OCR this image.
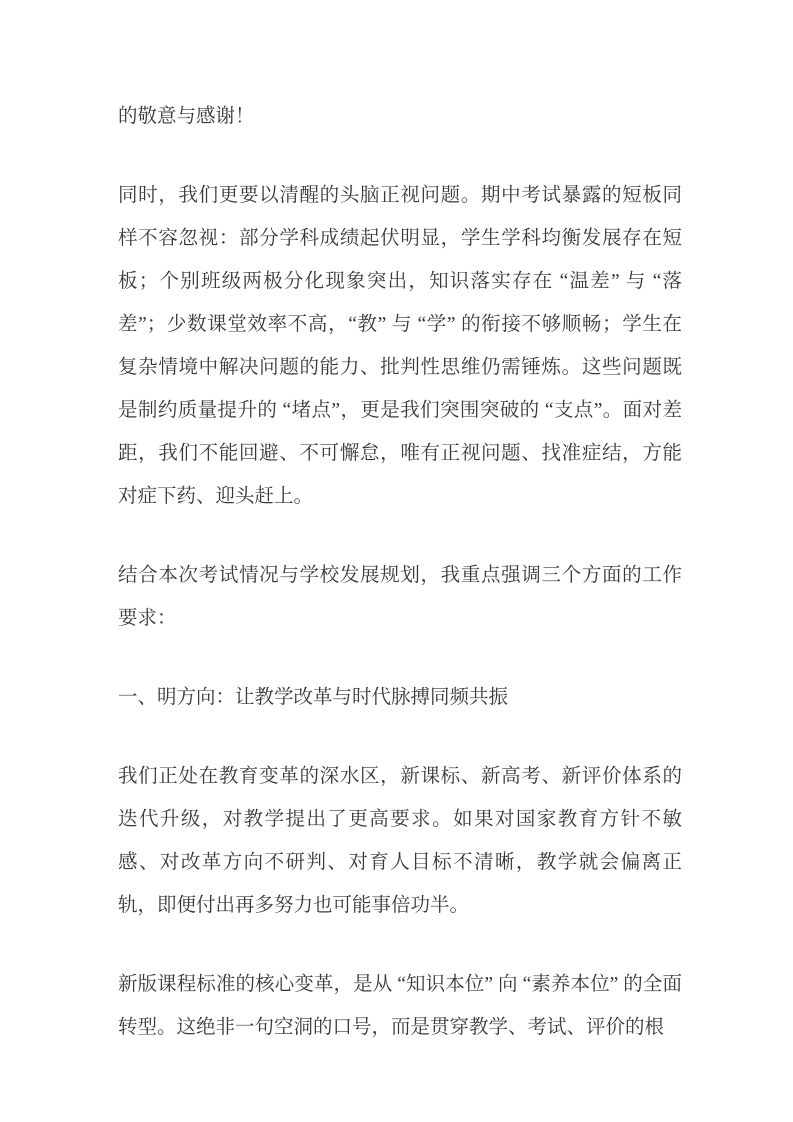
的敬意与感谢！

同时，我们更要以清醒的头脑正视问题。期中考试暴露的短板同样不容忽视：部分学科成绩起伏明显，学生学科均衡发展存在短板；个别班级两极分化现象突出，知识落实存在 “温差” 与 “落差”；少数课堂效率不高，“教” 与 “学” 的衔接不够顺畅；学生在复杂情境中解决问题的能力、批判性思维仍需锤炼。这些问题既是制约质量提升的 “堵点”，更是我们突围突破的 “支点”。面对差距，我们不能回避、不可懈怠，唯有正视问题、找准症结，方能对症下药、迎头赶上。

结合本次考试情况与学校发展规划，我重点强调三个方面的工作要求：

一、明方向：让教学改革与时代脉搏同频共振

我们正处在教育变革的深水区，新课标、新高考、新评价体系的迭代升级，对教学提出了更高要求。如果对国家教育方针不敏感、对改革方向不研判、对育人目标不清晰，教学就会偏离正轨，即便付出再多努力也可能事倍功半。

新版课程标准的核心变革，是从 “知识本位” 向 “素养本位” 的全面转型。这绝非一句空洞的口号，而是贯穿教学、考试、评价的根
